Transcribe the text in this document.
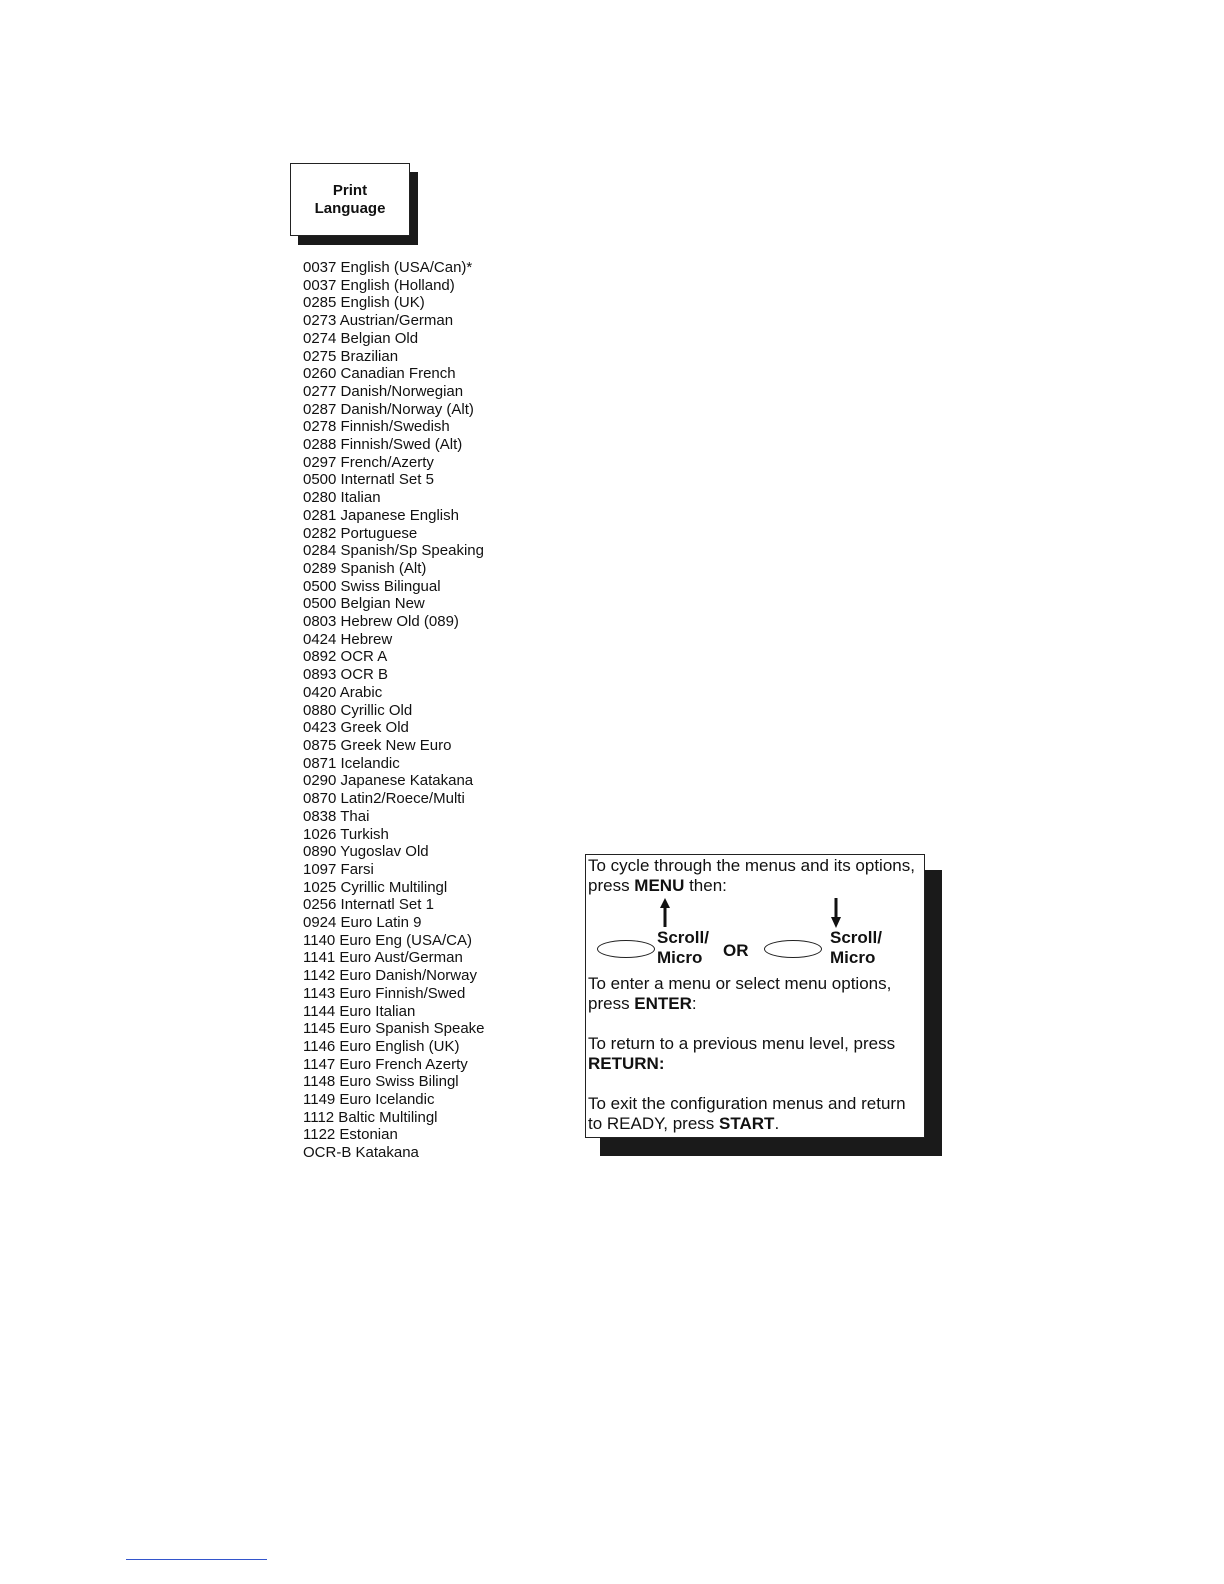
Print
Language
0037 English (USA/Can)*
0037 English (Holland)
0285 English (UK)
0273 Austrian/German
0274 Belgian Old
0275 Brazilian
0260 Canadian French
0277 Danish/Norwegian
0287 Danish/Norway (Alt)
0278 Finnish/Swedish
0288 Finnish/Swed (Alt)
0297 French/Azerty
0500 Internatl Set 5
0280 Italian
0281 Japanese English
0282 Portuguese
0284 Spanish/Sp Speaking
0289 Spanish (Alt)
0500 Swiss Bilingual
0500 Belgian New
0803 Hebrew Old (089)
0424 Hebrew
0892 OCR A
0893 OCR B
0420 Arabic
0880 Cyrillic Old
0423 Greek Old
0875 Greek New Euro
0871 Icelandic
0290 Japanese Katakana
0870 Latin2/Roece/Multi
0838 Thai
1026 Turkish
0890 Yugoslav Old
1097 Farsi
1025 Cyrillic Multilingl
0256 Internatl Set 1
0924 Euro Latin 9
1140 Euro Eng (USA/CA)
1141 Euro Aust/German
1142 Euro Danish/Norway
1143 Euro Finnish/Swed
1144 Euro Italian
1145 Euro Spanish Speake
1146 Euro English (UK)
1147 Euro French Azerty
1148 Euro Swiss Bilingl
1149 Euro Icelandic
1112 Baltic Multilingl
1122 Estonian
OCR-B Katakana

To cycle through the menus and its options, press MENU then:

Scroll/
Micro OR
Scroll/
Micro

To enter a menu or select menu options, press ENTER:

To return to a previous menu level, press RETURN:

To exit the configuration menus and return to READY, press START.
